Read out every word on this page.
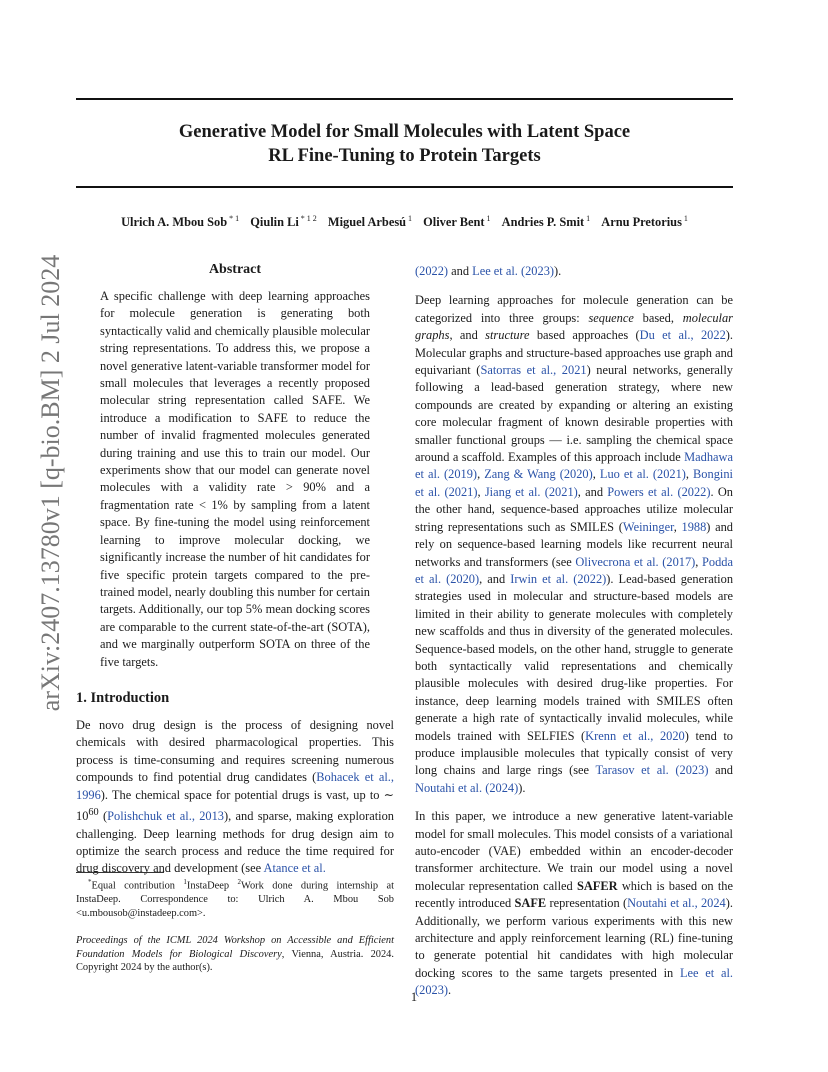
Generative Model for Small Molecules with Latent Space
RL Fine-Tuning to Protein Targets
Ulrich A. Mbou Sob $^{* 1}$ Qiulin Li $^{* 1 2}$ Miguel Arbesú $^1$ Oliver Bent $^1$ Andries P. Smit $^1$ Arnu Pretorius $^1$
arXiv:2407.13780v1 [q-bio.BM] 2 Jul 2024	Abstract
A specific challenge with deep learning approaches for molecule generation is generating both syntactically valid and chemically plausible molecular string representations. To address this, we propose a novel generative latent-variable transformer model for small molecules that leverages a recently proposed molecular string representation called SAFE. We introduce a modification to SAFE to reduce the number of invalid fragmented molecules generated during training and use this to train our model. Our experiments show that our model can generate novel molecules with a validity rate > 90% and a fragmentation rate < 1% by sampling from a latent space. By fine-tuning the model using reinforcement learning to improve molecular docking, we significantly increase the number of hit candidates for five specific protein targets compared to the pre-trained model, nearly doubling this number for certain targets. Additionally, our top 5% mean docking scores are comparable to the current state-of-the-art (SOTA), and we marginally outperform SOTA on three of the five targets.
1. Introduction

De novo drug design is the process of designing novel chemicals with desired pharmacological properties. This process is time-consuming and requires screening numerous compounds to find potential drug candidates (Bohacek et al., 1996). The chemical space for potential drugs is vast, up to ∼ $10^{60}$ (Polishchuk et al., 2013), and sparse, making exploration challenging. Deep learning methods for drug design aim to optimize the search process and reduce the time required for drug discovery and development (see Atance et al.

*Equal contribution $^1$InstaDeep $^2$Work done during internship at InstaDeep. Correspondence to: Ulrich A. Mbou Sob <u.mbousob@instadeep.com>.

Proceedings of the ICML 2024 Workshop on Accessible and Efficient Foundation Models for Biological Discovery, Vienna, Austria. 2024. Copyright 2024 by the author(s).

(2022) and Lee et al. (2023)).

Deep learning approaches for molecule generation can be categorized into three groups: sequence based, molecular graphs, and structure based approaches (Du et al., 2022). Molecular graphs and structure-based approaches use graph and equivariant (Satorras et al., 2021) neural networks, generally following a lead-based generation strategy, where new compounds are created by expanding or altering an existing core molecular fragment of known desirable properties with smaller functional groups — i.e. sampling the chemical space around a scaffold. Examples of this approach include Madhawa et al. (2019), Zang & Wang (2020), Luo et al. (2021), Bongini et al. (2021), Jiang et al. (2021), and Powers et al. (2022). On the other hand, sequence-based approaches utilize molecular string representations such as SMILES (Weininger, 1988) and rely on sequence-based learning models like recurrent neural networks and transformers (see Olivecrona et al. (2017), Podda et al. (2020), and Irwin et al. (2022)). Lead-based generation strategies used in molecular and structure-based models are limited in their ability to generate molecules with completely new scaffolds and thus in diversity of the generated molecules. Sequence-based models, on the other hand, struggle to generate both syntactically valid representations and chemically plausible molecules with desired drug-like properties. For instance, deep learning models trained with SMILES often generate a high rate of syntactically invalid molecules, while models trained with SELFIES (Krenn et al., 2020) tend to produce implausible molecules that typically consist of very long chains and large rings (see Tarasov et al. (2023) and Noutahi et al. (2024)).

In this paper, we introduce a new generative latent-variable model for small molecules. This model consists of a variational auto-encoder (VAE) embedded within an encoder-decoder transformer architecture. We train our model using a novel molecular representation called SAFER which is based on the recently introduced SAFE representation (Noutahi et al., 2024). Additionally, we perform various experiments with this new architecture and apply reinforcement learning (RL) fine-tuning to generate potential hit candidates with high molecular docking scores to the same targets presented in Lee et al. (2023).

1
